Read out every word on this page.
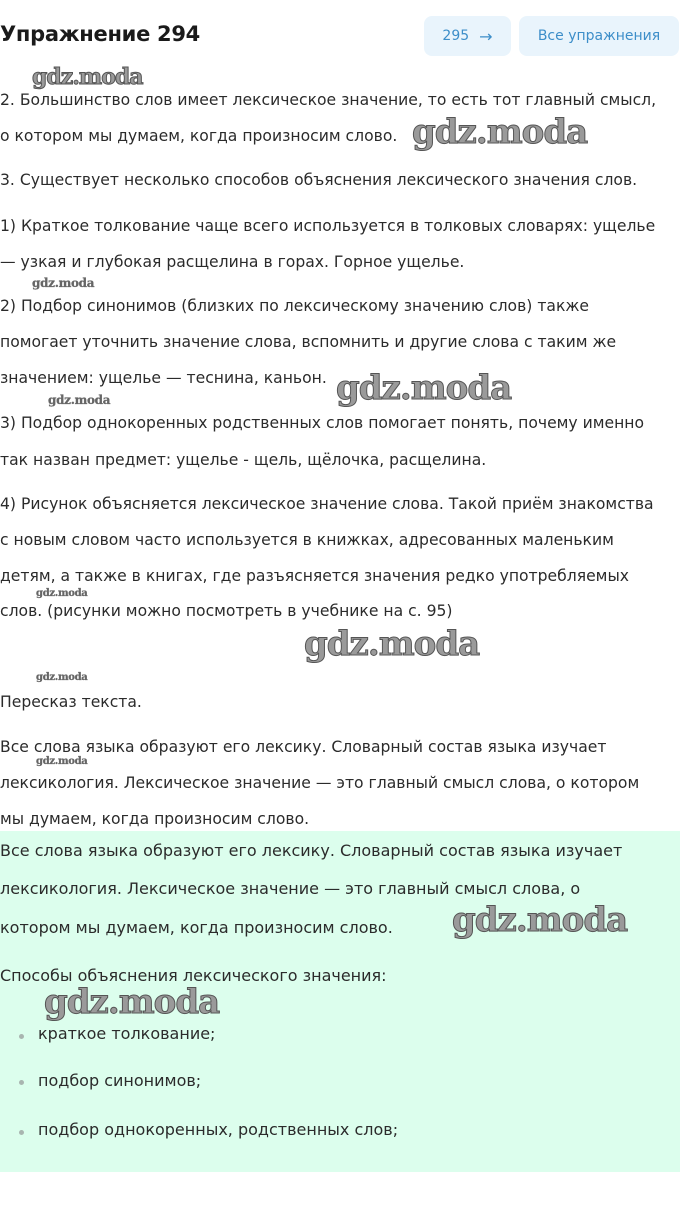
Упражнение 294	295 →	Все упражнения
2. Большинство слов имеет лексическое значение, то есть тот главный смысл,
о котором мы думаем, когда произносим слово.
3. Существует несколько способов объяснения лексического значения слов.
1) Краткое толкование чаще всего используется в толковых словарях: ущелье
— узкая и глубокая расщелина в горах. Горное ущелье.
2) Подбор синонимов (близких по лексическому значению слов) также
помогает уточнить значение слова, вспомнить и другие слова с таким же
значением: ущелье — теснина, каньон.
3) Подбор однокоренных родственных слов помогает понять, почему именно
так назван предмет: ущелье - щель, щёлочка, расщелина.
4) Рисунок объясняется лексическое значение слова. Такой приём знакомства
с новым словом часто используется в книжках, адресованных маленьким
детям, а также в книгах, где разъясняется значения редко употребляемых
слов. (рисунки можно посмотреть в учебнике на с. 95)
Пересказ текста.
Все слова языка образуют его лексику. Словарный состав языка изучает
лексикология. Лексическое значение — это главный смысл слова, о котором
мы думаем, когда произносим слово.
Все слова языка образуют его лексику. Словарный состав языка изучает
лексикология. Лексическое значение — это главный смысл слова, о
котором мы думаем, когда произносим слово.
Способы объяснения лексического значения:
краткое толкование;
подбор синонимов;
подбор однокоренных, родственных слов;
gdz.moda
gdz.moda
gdz.moda
gdz.moda
gdz.moda
gdz.moda
gdz.moda
gdz.moda
gdz.moda
gdz.moda
gdz.moda
